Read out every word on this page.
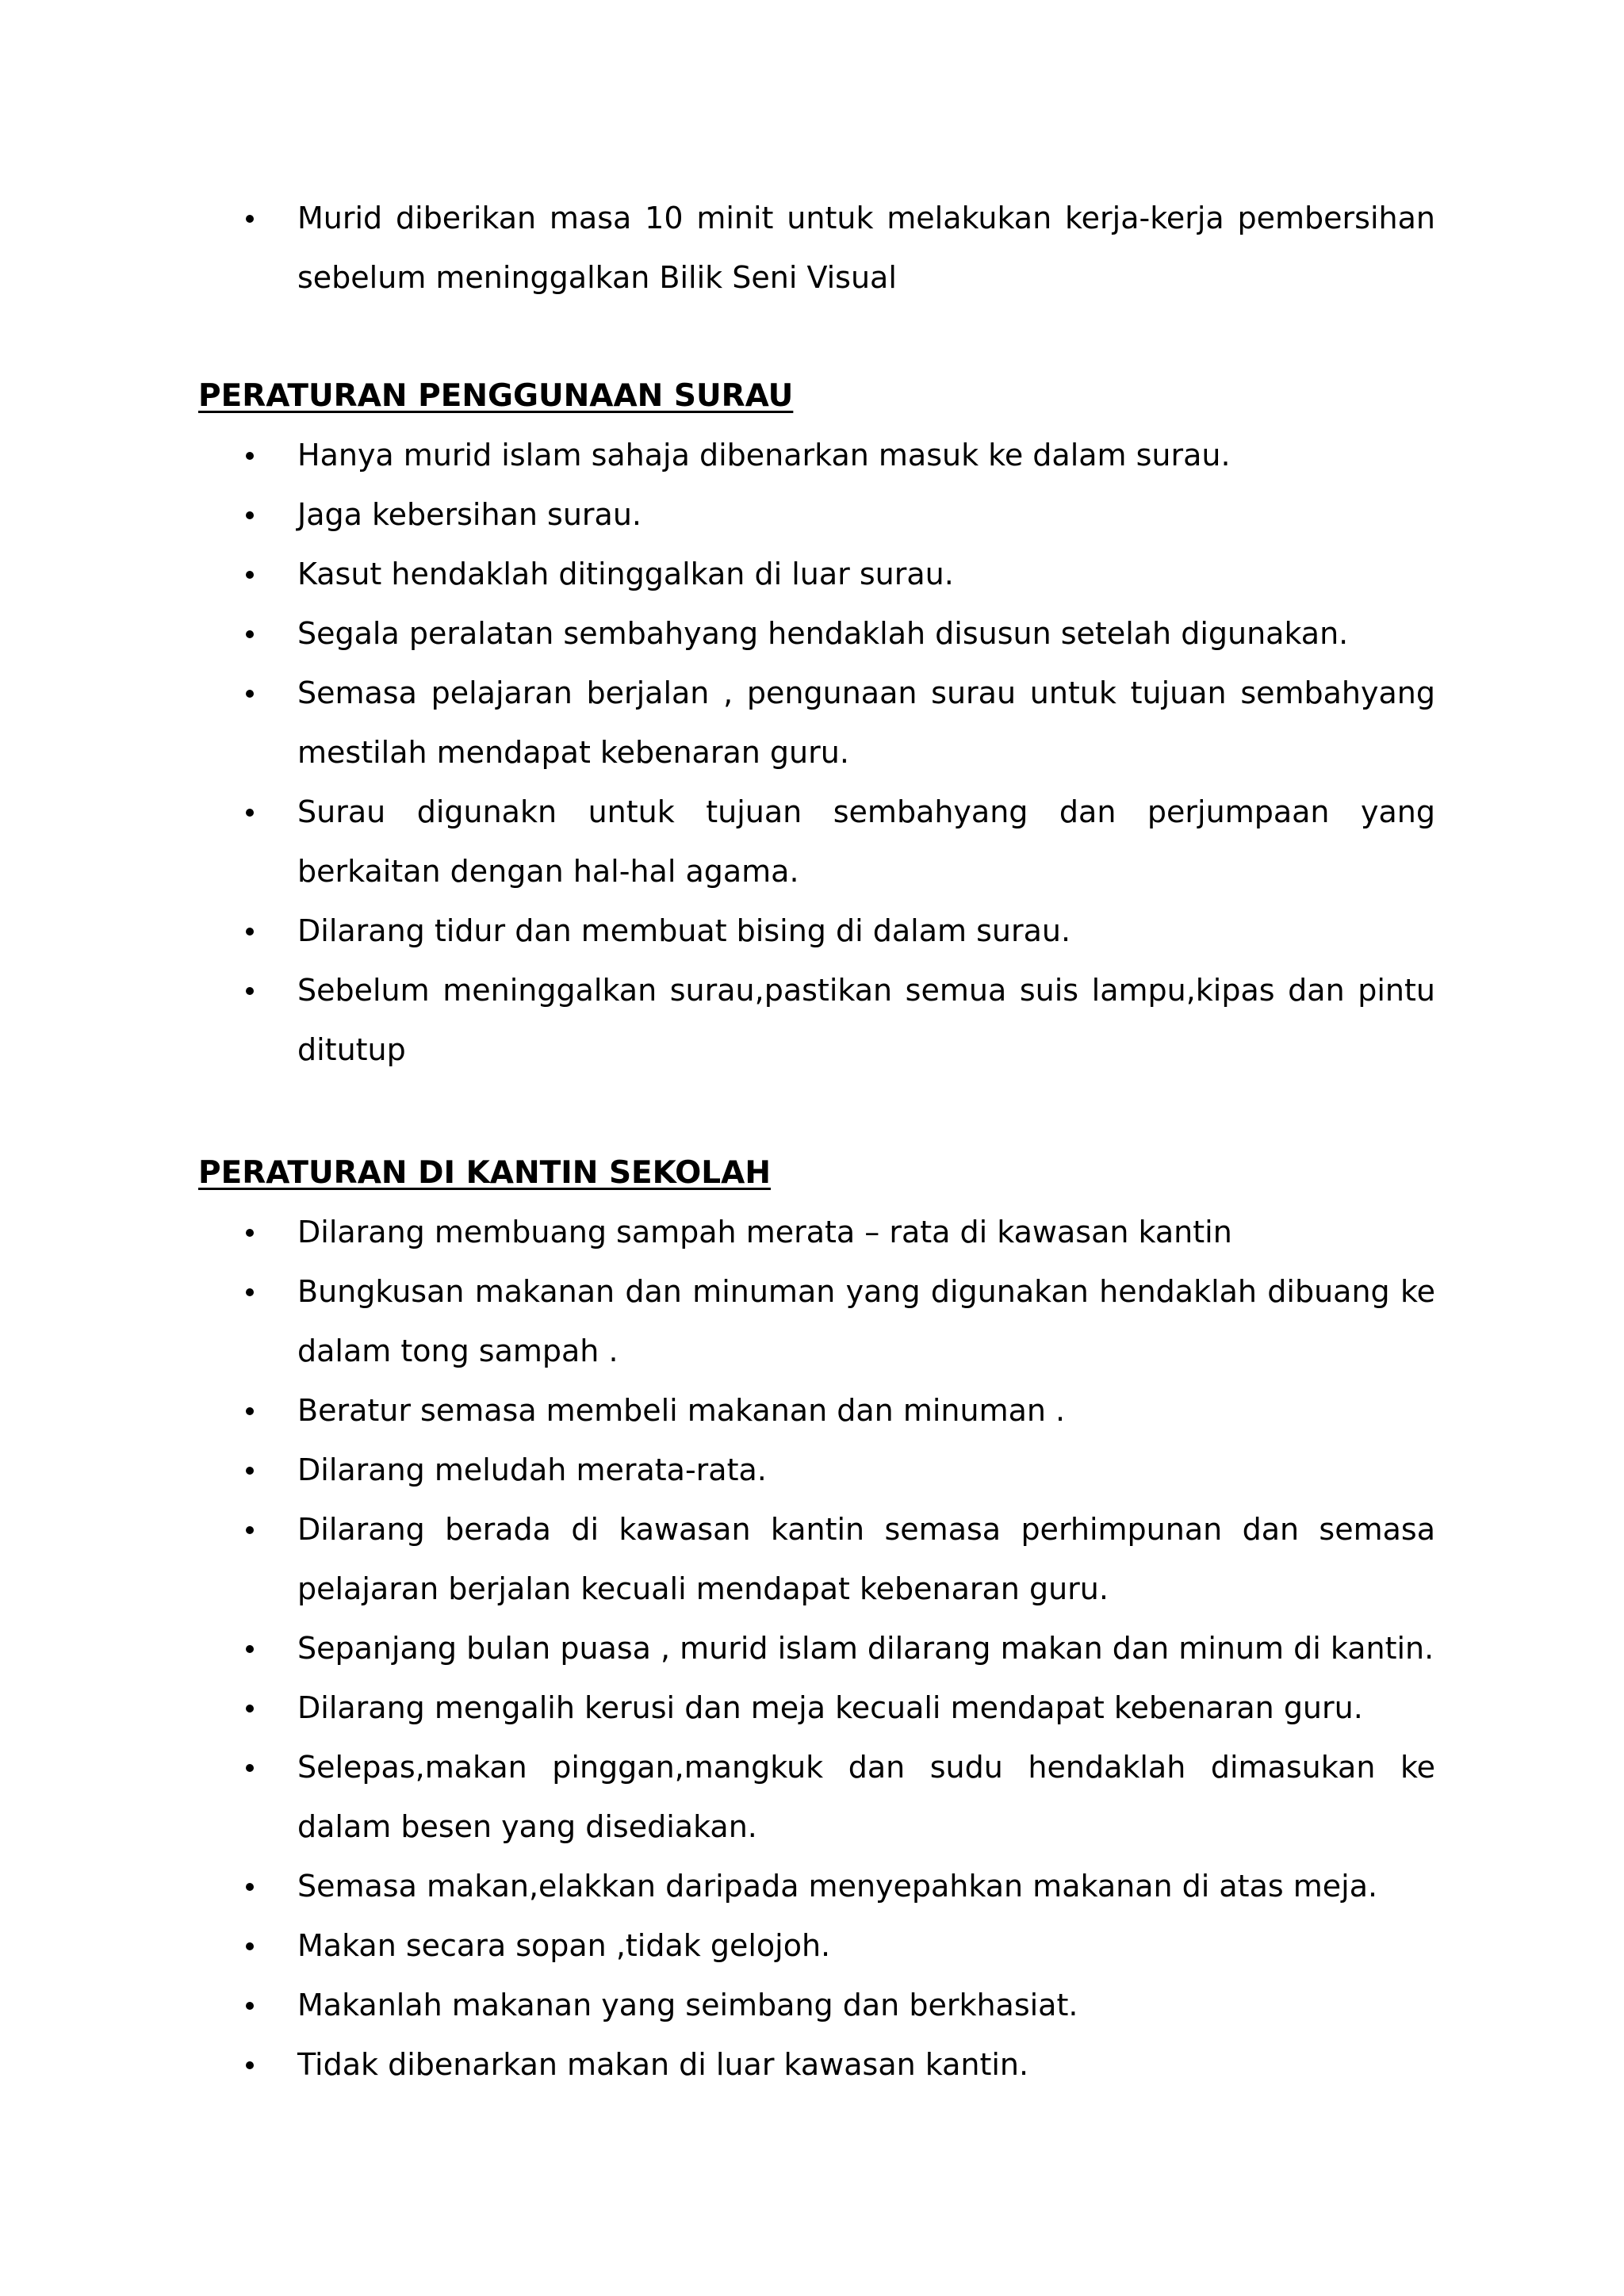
Murid diberikan masa 10 minit untuk melakukan kerja-kerja pembersihan sebelum meninggalkan Bilik Seni Visual
PERATURAN PENGGUNAAN SURAU
Hanya murid islam sahaja dibenarkan masuk ke dalam surau.
Jaga kebersihan surau.
Kasut hendaklah ditinggalkan di luar surau.
Segala peralatan sembahyang hendaklah disusun setelah digunakan.
Semasa pelajaran berjalan , pengunaan surau untuk tujuan sembahyang mestilah mendapat kebenaran guru.
Surau digunakn untuk tujuan sembahyang dan perjumpaan yang berkaitan dengan hal-hal agama.
Dilarang tidur dan membuat bising di dalam surau.
Sebelum meninggalkan surau,pastikan semua suis lampu,kipas dan pintu ditutup
PERATURAN DI KANTIN SEKOLAH
Dilarang membuang sampah merata – rata di kawasan kantin
Bungkusan makanan dan minuman yang digunakan hendaklah dibuang ke dalam tong sampah .
Beratur semasa membeli makanan dan minuman .
Dilarang meludah merata-rata.
Dilarang berada di kawasan kantin semasa perhimpunan dan semasa pelajaran berjalan kecuali mendapat kebenaran guru.
Sepanjang bulan puasa , murid islam dilarang makan dan minum di kantin.
Dilarang mengalih kerusi dan meja kecuali mendapat kebenaran guru.
Selepas,makan pinggan,mangkuk dan sudu hendaklah dimasukan ke dalam besen yang disediakan.
Semasa makan,elakkan daripada menyepahkan makanan di atas meja.
Makan secara sopan ,tidak gelojoh.
Makanlah makanan yang seimbang dan berkhasiat.
Tidak dibenarkan makan di luar kawasan kantin.
